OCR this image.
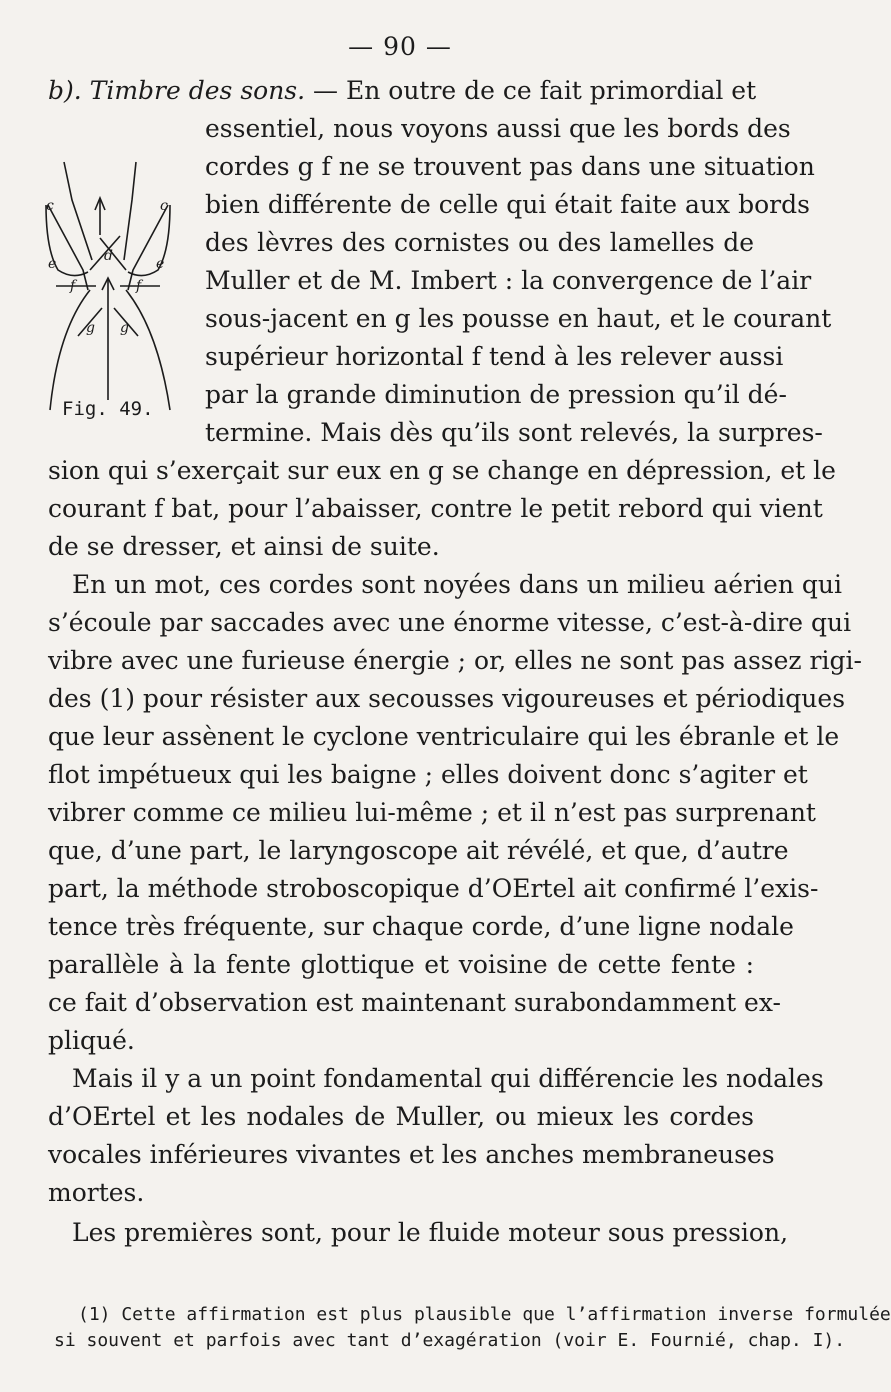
— 90 —
b). Timbre des sons. — En outre de ce fait primordial et
essentiel, nous voyons aussi que les bords des
cordes g f ne se trouvent pas dans une situation
bien différente de celle qui était faite aux bords
des lèvres des cornistes ou des lamelles de
Muller et de M. Imbert : la convergence de l’air
sous-jacent en g les pousse en haut, et le courant
supérieur horizontal f tend à les relever aussi
par la grande diminution de pression qu’il dé-
termine. Mais dès qu’ils sont relevés, la surpres-
sion qui s’exerçait sur eux en g se change en dépression, et le
courant f bat, pour l’abaisser, contre le petit rebord qui vient
de se dresser, et ainsi de suite.
En un mot, ces cordes sont noyées dans un milieu aérien qui
s’écoule par saccades avec une énorme vitesse, c’est-à-dire qui
vibre avec une furieuse énergie ; or, elles ne sont pas assez rigi-
des (1) pour résister aux secousses vigoureuses et périodiques
que leur assènent le cyclone ventriculaire qui les ébranle et le
flot impétueux qui les baigne ; elles doivent donc s’agiter et
vibrer comme ce milieu lui-même ; et il n’est pas surprenant
que, d’une part, le laryngoscope ait révélé, et que, d’autre
part, la méthode stroboscopique d’OErtel ait confirmé l’exis-
tence très fréquente, sur chaque corde, d’une ligne nodale
parallèle à la fente glottique et voisine de cette fente :
ce fait d’observation est maintenant surabondamment ex-
pliqué.
Mais il y a un point fondamental qui différencie les nodales
d’OErtel et les nodales de Muller, ou mieux les cordes
vocales inférieures vivantes et les anches membraneuses
mortes.
Les premières sont, pour le fluide moteur sous pression,
c	c
d
e	e
f	f
g g
Fig. 49.
(1) Cette affirmation est plus plausible que l’affirmation inverse formulée
si souvent et parfois avec tant d’exagération (voir E. Fournié, chap. I).
